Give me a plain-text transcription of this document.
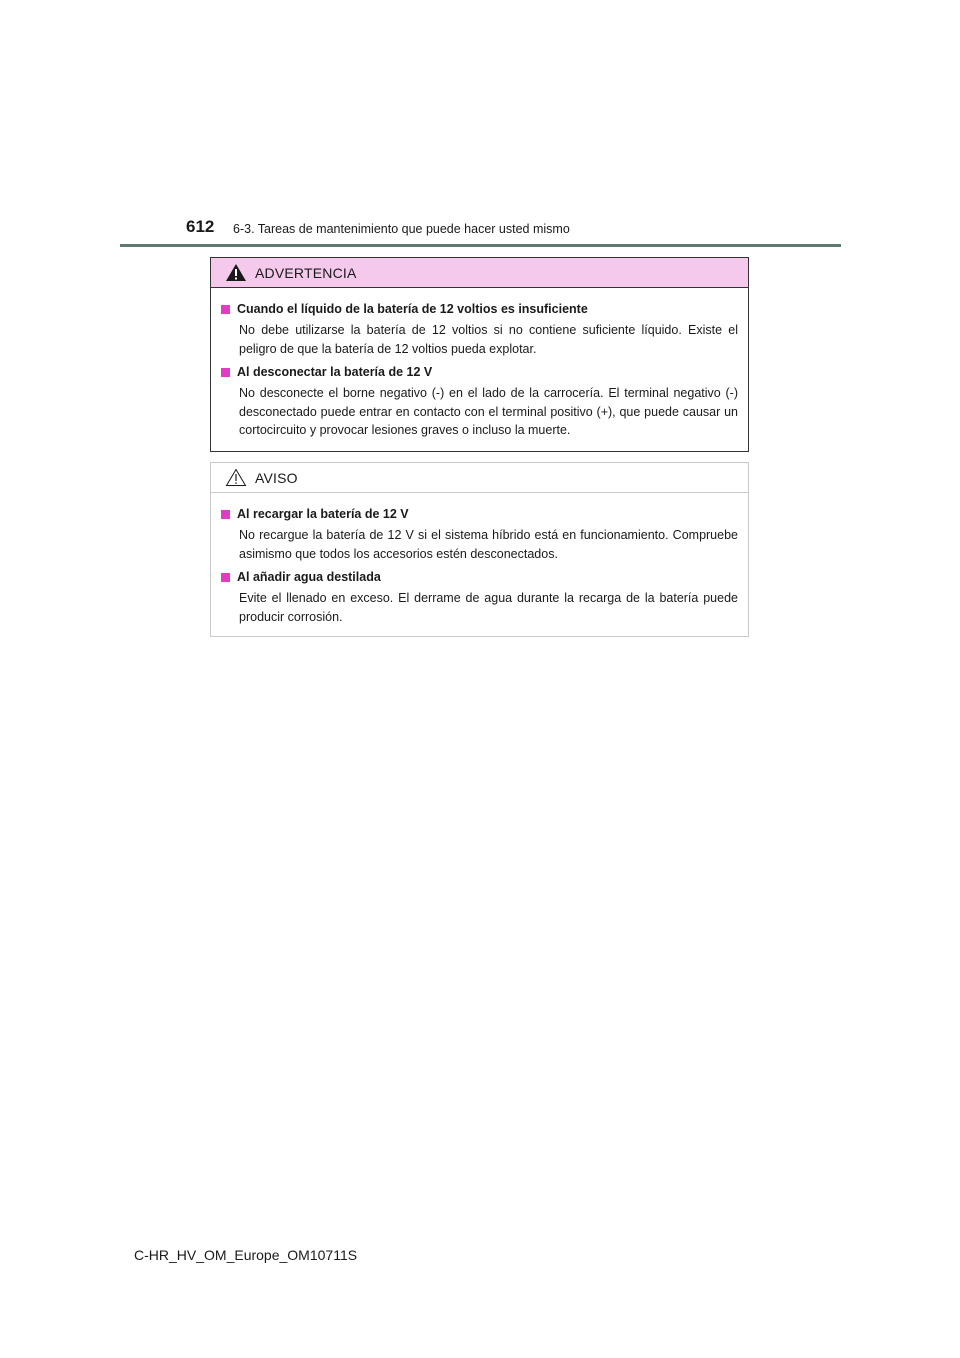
612 6-3. Tareas de mantenimiento que puede hacer usted mismo
ADVERTENCIA
Cuando el líquido de la batería de 12 voltios es insuficiente
No debe utilizarse la batería de 12 voltios si no contiene suficiente líquido. Existe el peligro de que la batería de 12 voltios pueda explotar.
Al desconectar la batería de 12 V
No desconecte el borne negativo (-) en el lado de la carrocería. El terminal negativo (-) desconectado puede entrar en contacto con el terminal positivo (+), que puede causar un cortocircuito y provocar lesiones graves o incluso la muerte.
AVISO
Al recargar la batería de 12 V
No recargue la batería de 12 V si el sistema híbrido está en funcionamiento. Compruebe asimismo que todos los accesorios estén desconectados.
Al añadir agua destilada
Evite el llenado en exceso. El derrame de agua durante la recarga de la batería puede producir corrosión.
C-HR_HV_OM_Europe_OM10711S
